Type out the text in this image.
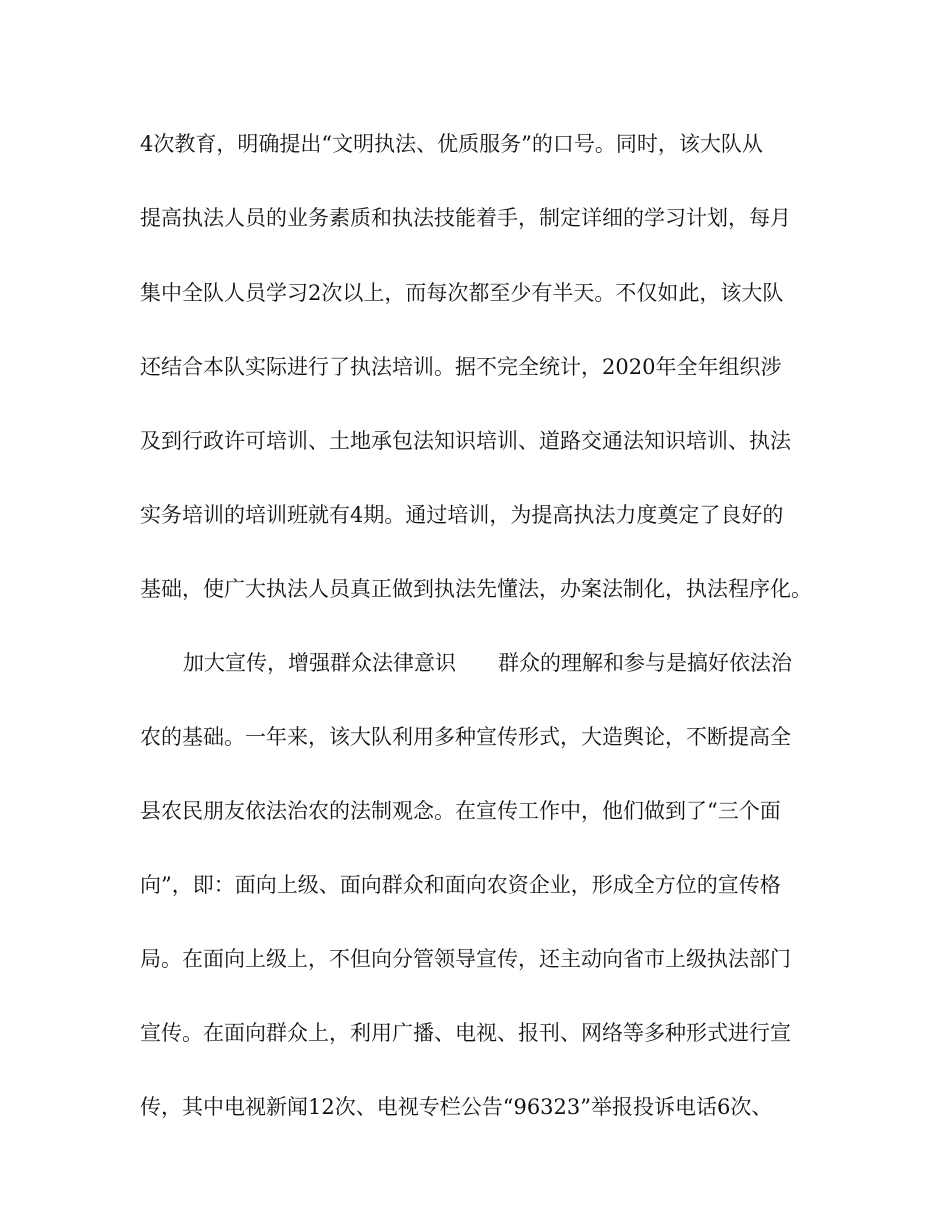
4次教育，明确提出“文明执法、优质服务”的口号。同时，该大队从
提高执法人员的业务素质和执法技能着手，制定详细的学习计划，每月
集中全队人员学习2次以上，而每次都至少有半天。不仅如此，该大队
还结合本队实际进行了执法培训。据不完全统计，2020年全年组织涉
及到行政许可培训、土地承包法知识培训、道路交通法知识培训、执法
实务培训的培训班就有4期。通过培训，为提高执法力度奠定了良好的
基础，使广大执法人员真正做到执法先懂法，办案法制化，执法程序化。
加大宣传，增强群众法律意识 群众的理解和参与是搞好依法治
农的基础。一年来，该大队利用多种宣传形式，大造舆论，不断提高全
县农民朋友依法治农的法制观念。在宣传工作中，他们做到了“三个面
向”，即：面向上级、面向群众和面向农资企业，形成全方位的宣传格
局。在面向上级上，不但向分管领导宣传，还主动向省市上级执法部门
宣传。在面向群众上，利用广播、电视、报刊、网络等多种形式进行宣
传，其中电视新闻12次、电视专栏公告“96323”举报投诉电话6次、
